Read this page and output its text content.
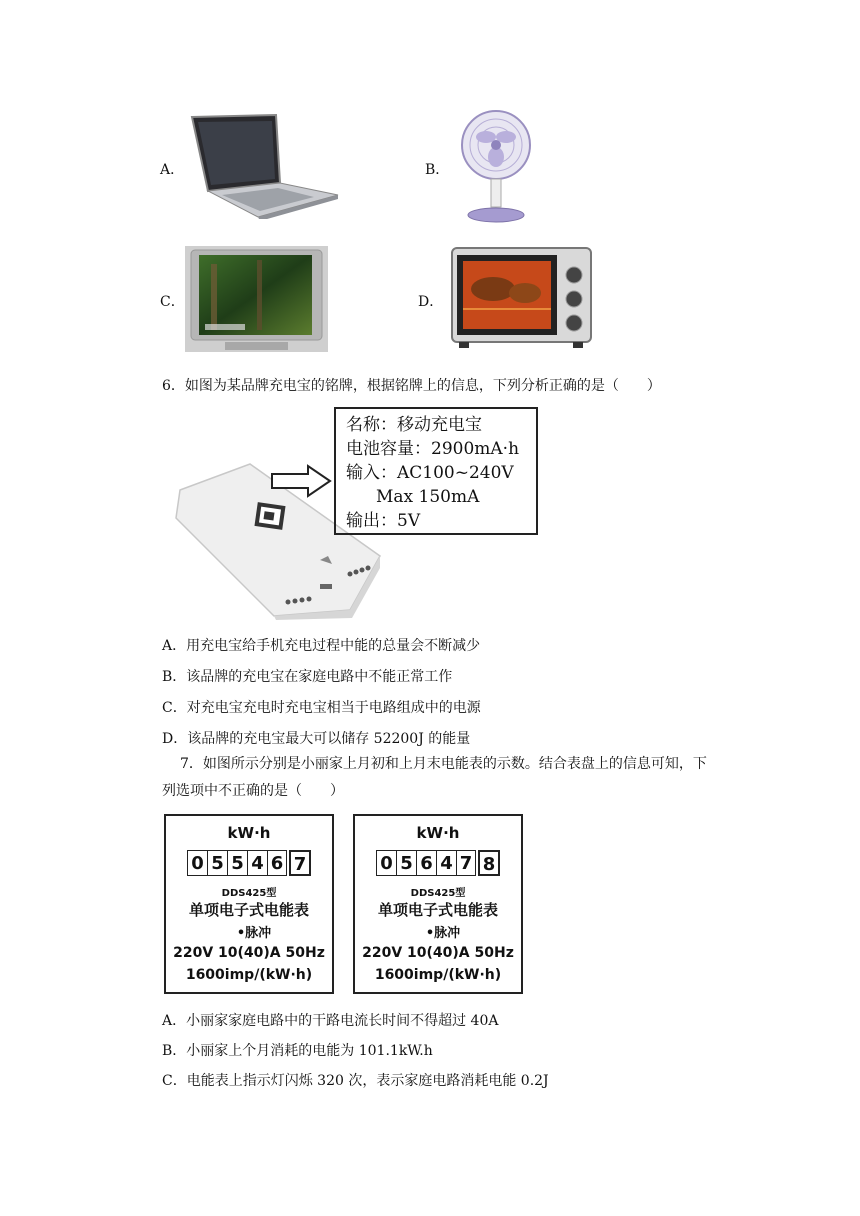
A．	B．
C．	D．
6．如图为某品牌充电宝的铭牌，根据铭牌上的信息，下列分析正确的是（　　）
名称：移动充电宝
电池容量：2900mA·h
输入：AC100~240V
Max 150mA
输出：5V
A．用充电宝给手机充电过程中能的总量会不断减少
B．该品牌的充电宝在家庭电路中不能正常工作
C．对充电宝充电时充电宝相当于电路组成中的电源
D．该品牌的充电宝最大可以储存 52200J 的能量
7．如图所示分别是小丽家上月初和上月末电能表的示数。结合表盘上的信息可知，下
列选项中不正确的是（　　）
kW·h
0 5 5 4 6 7
DDS425型
单项电子式电能表
•脉冲
220V 10(40)A 50Hz
1600imp/(kW·h)
kW·h
0 5 6 4 7 8
DDS425型
单项电子式电能表
•脉冲
220V 10(40)A 50Hz
1600imp/(kW·h)
A．小丽家家庭电路中的干路电流长时间不得超过 40A
B．小丽家上个月消耗的电能为 101.1kW.h
C．电能表上指示灯闪烁 320 次，表示家庭电路消耗电能 0.2J
